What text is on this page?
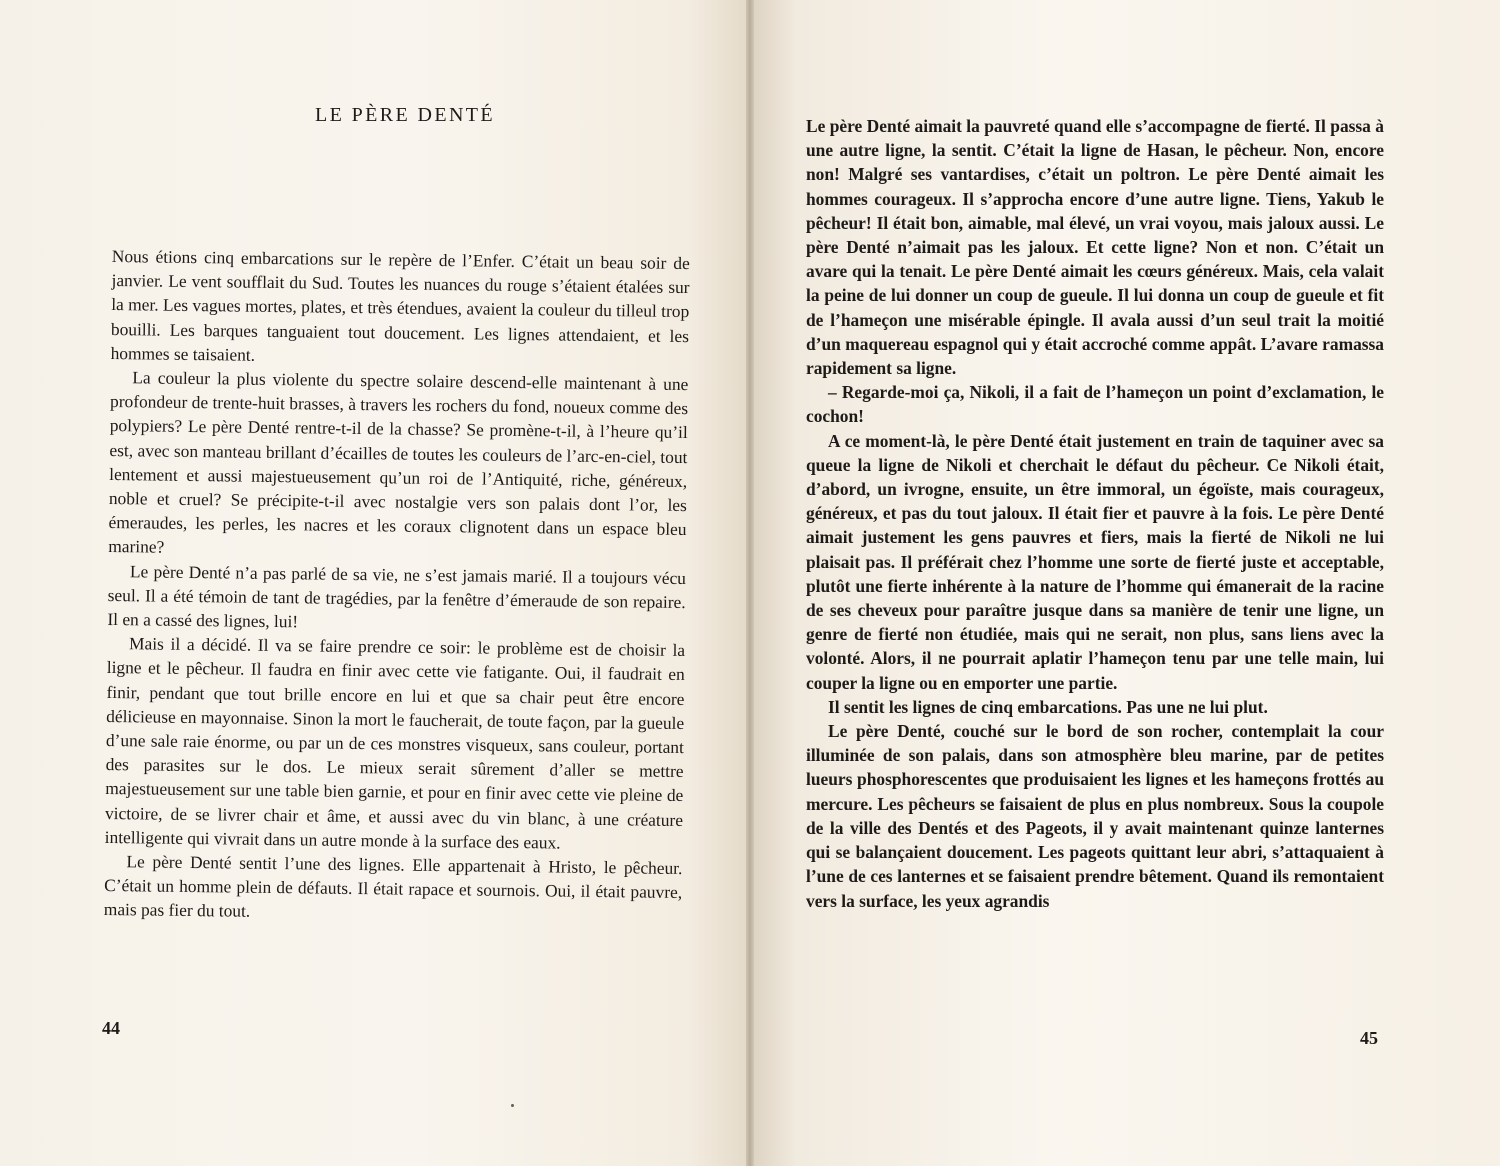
LE PÈRE DENTÉ

Nous étions cinq embarcations sur le repère de l’Enfer. C’était un beau soir de janvier. Le vent soufflait du Sud. Toutes les nuances du rouge s’étaient étalées sur la mer. Les vagues mortes, plates, et très étendues, avaient la couleur du tilleul trop bouilli. Les barques tanguaient tout doucement. Les lignes attendaient, et les hommes se taisaient.

La couleur la plus violente du spectre solaire descend-elle maintenant à une profondeur de trente-huit brasses, à travers les rochers du fond, noueux comme des polypiers? Le père Denté rentre-t-il de la chasse? Se promène-t-il, à l’heure qu’il est, avec son manteau brillant d’écailles de toutes les couleurs de l’arc-en-ciel, tout lentement et aussi majestueusement qu’un roi de l’Antiquité, riche, généreux, noble et cruel? Se précipite-t-il avec nostalgie vers son palais dont l’or, les émeraudes, les perles, les nacres et les coraux clignotent dans un espace bleu marine?

Le père Denté n’a pas parlé de sa vie, ne s’est jamais marié. Il a toujours vécu seul. Il a été témoin de tant de tragédies, par la fenêtre d’émeraude de son repaire. Il en a cassé des lignes, lui!

Mais il a décidé. Il va se faire prendre ce soir: le problème est de choisir la ligne et le pêcheur. Il faudra en finir avec cette vie fatigante. Oui, il faudrait en finir, pendant que tout brille encore en lui et que sa chair peut être encore délicieuse en mayonnaise. Sinon la mort le faucherait, de toute façon, par la gueule d’une sale raie énorme, ou par un de ces monstres visqueux, sans couleur, portant des parasites sur le dos. Le mieux serait sûrement d’aller se mettre majestueusement sur une table bien garnie, et pour en finir avec cette vie pleine de victoire, de se livrer chair et âme, et aussi avec du vin blanc, à une créature intelligente qui vivrait dans un autre monde à la surface des eaux.

Le père Denté sentit l’une des lignes. Elle appartenait à Hristo, le pêcheur. C’était un homme plein de défauts. Il était rapace et sournois. Oui, il était pauvre, mais pas fier du tout.

44

Le père Denté aimait la pauvreté quand elle s’accompagne de fierté. Il passa à une autre ligne, la sentit. C’était la ligne de Hasan, le pêcheur. Non, encore non! Malgré ses vantardises, c’était un poltron. Le père Denté aimait les hommes courageux. Il s’approcha encore d’une autre ligne. Tiens, Yakub le pêcheur! Il était bon, aimable, mal élevé, un vrai voyou, mais jaloux aussi. Le père Denté n’aimait pas les jaloux. Et cette ligne? Non et non. C’était un avare qui la tenait. Le père Denté aimait les cœurs généreux. Mais, cela valait la peine de lui donner un coup de gueule. Il lui donna un coup de gueule et fit de l’hameçon une misérable épingle. Il avala aussi d’un seul trait la moitié d’un maquereau espagnol qui y était accroché comme appât. L’avare ramassa rapidement sa ligne.

– Regarde-moi ça, Nikoli, il a fait de l’hameçon un point d’exclamation, le cochon!

A ce moment-là, le père Denté était justement en train de taquiner avec sa queue la ligne de Nikoli et cherchait le défaut du pêcheur. Ce Nikoli était, d’abord, un ivrogne, ensuite, un être immoral, un égoïste, mais courageux, généreux, et pas du tout jaloux. Il était fier et pauvre à la fois. Le père Denté aimait justement les gens pauvres et fiers, mais la fierté de Nikoli ne lui plaisait pas. Il préférait chez l’homme une sorte de fierté juste et acceptable, plutôt une fierte inhérente à la nature de l’homme qui émanerait de la racine de ses cheveux pour paraître jusque dans sa manière de tenir une ligne, un genre de fierté non étudiée, mais qui ne serait, non plus, sans liens avec la volonté. Alors, il ne pourrait aplatir l’hameçon tenu par une telle main, lui couper la ligne ou en emporter une partie.

Il sentit les lignes de cinq embarcations. Pas une ne lui plut.

Le père Denté, couché sur le bord de son rocher, contemplait la cour illuminée de son palais, dans son atmosphère bleu marine, par de petites lueurs phosphorescentes que produisaient les lignes et les hameçons frottés au mercure. Les pêcheurs se faisaient de plus en plus nombreux. Sous la coupole de la ville des Dentés et des Pageots, il y avait maintenant quinze lanternes qui se balançaient doucement. Les pageots quittant leur abri, s’attaquaient à l’une de ces lanternes et se faisaient prendre bêtement. Quand ils remontaient vers la surface, les yeux agrandis

45
